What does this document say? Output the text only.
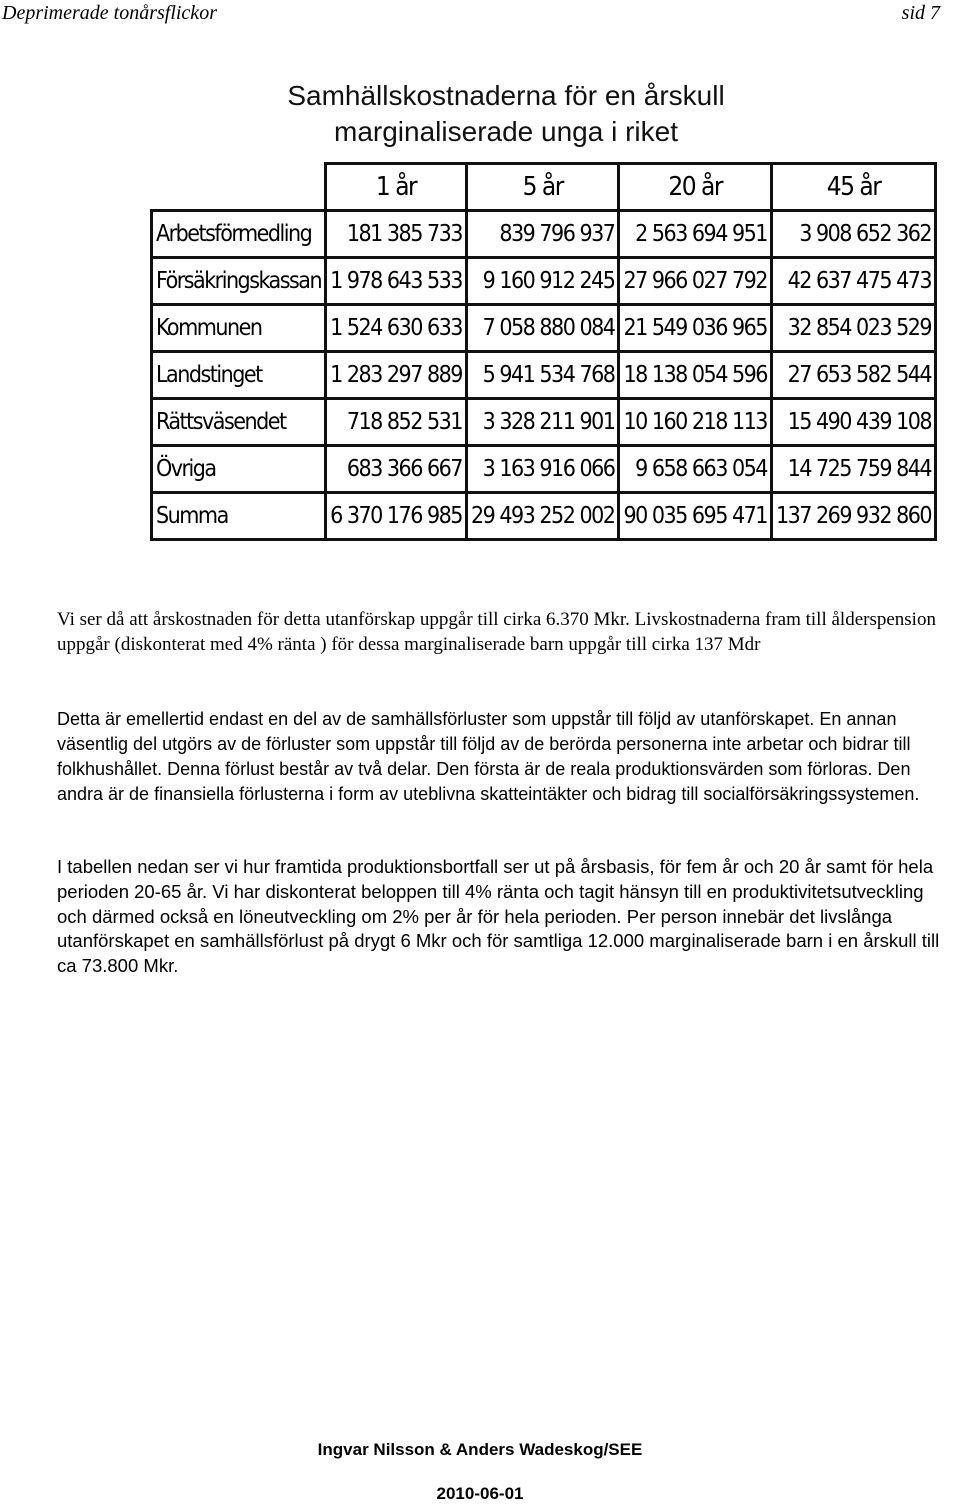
Deprimerade tonårsflickor	sid 7
Samhällskostnaderna för en årskull
marginaliserade unga i riket
	1 år	5 år	20 år	45 år
Arbetsförmedling	181 385 733	839 796 937	2 563 694 951	3 908 652 362
Försäkringskassan	1 978 643 533	9 160 912 245	27 966 027 792	42 637 475 473
Kommunen	1 524 630 633	7 058 880 084	21 549 036 965	32 854 023 529
Landstinget	1 283 297 889	5 941 534 768	18 138 054 596	27 653 582 544
Rättsväsendet	718 852 531	3 328 211 901	10 160 218 113	15 490 439 108
Övriga	683 366 667	3 163 916 066	9 658 663 054	14 725 759 844
Summa	6 370 176 985	29 493 252 002	90 035 695 471	137 269 932 860

Vi ser då att årskostnaden för detta utanförskap uppgår till cirka 6.370 Mkr. Livskostnaderna fram till ålderspension uppgår (diskonterat med 4% ränta ) för dessa marginaliserade barn uppgår till cirka 137 Mdr

Detta är emellertid endast en del av de samhällsförluster som uppstår till följd av utanförskapet. En annan väsentlig del utgörs av de förluster som uppstår till följd av de berörda personerna inte arbetar och bidrar till folkhushållet. Denna förlust består av två delar. Den första är de reala produktionsvärden som förloras. Den andra är de finansiella förlusterna i form av uteblivna skatteintäkter och bidrag till socialförsäkringssystemen.

I tabellen nedan ser vi hur framtida produktionsbortfall ser ut på årsbasis, för fem år och 20 år samt för hela perioden 20-65 år. Vi har diskonterat beloppen till 4% ränta och tagit hänsyn till en produktivitetsutveckling och därmed också en löneutveckling om 2% per år för hela perioden. Per person innebär det livslånga utanförskapet en samhällsförlust på drygt 6 Mkr och för samtliga 12.000 marginaliserade barn i en årskull till ca 73.800 Mkr.

Ingvar Nilsson & Anders Wadeskog/SEE
2010-06-01
